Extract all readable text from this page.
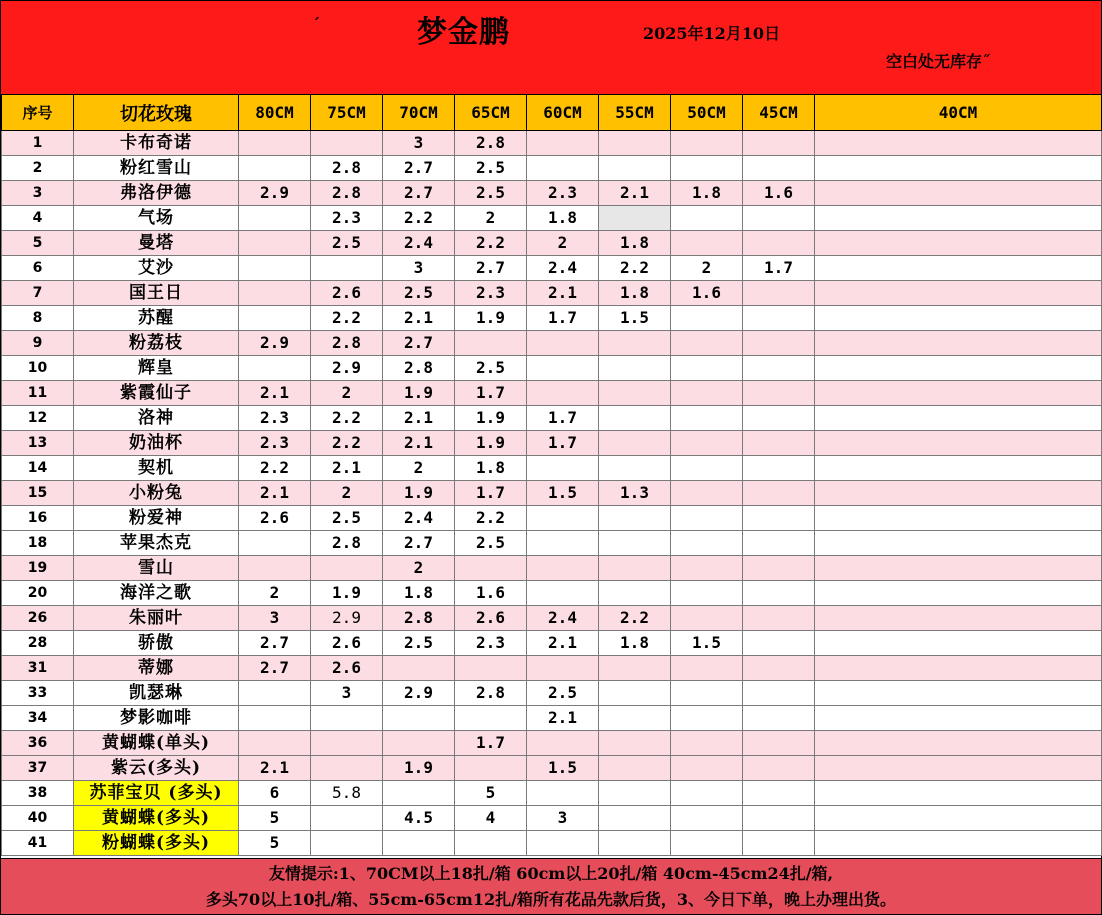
ˊ	梦金鹏	2025年12月10日
空白处无库存˝
序号	切花玫瑰	80CM	75CM	70CM	65CM	60CM	55CM	50CM	45CM	40CM
1	卡布奇诺			3	2.8					
2	粉红雪山		2.8	2.7	2.5					
3	弗洛伊德	2.9	2.8	2.7	2.5	2.3	2.1	1.8	1.6	
4	气场		2.3	2.2	2	1.8				
5	曼塔		2.5	2.4	2.2	2	1.8			
6	艾沙			3	2.7	2.4	2.2	2	1.7	
7	国王日		2.6	2.5	2.3	2.1	1.8	1.6		
8	苏醒		2.2	2.1	1.9	1.7	1.5			
9	粉荔枝	2.9	2.8	2.7						
10	辉皇		2.9	2.8	2.5					
11	紫霞仙子	2.1	2	1.9	1.7					
12	洛神	2.3	2.2	2.1	1.9	1.7				
13	奶油杯	2.3	2.2	2.1	1.9	1.7				
14	契机	2.2	2.1	2	1.8					
15	小粉兔	2.1	2	1.9	1.7	1.5	1.3			
16	粉爱神	2.6	2.5	2.4	2.2					
18	苹果杰克		2.8	2.7	2.5					
19	雪山			2						
20	海洋之歌	2	1.9	1.8	1.6					
26	朱丽叶	3	2.9	2.8	2.6	2.4	2.2			
28	骄傲	2.7	2.6	2.5	2.3	2.1	1.8	1.5		
31	蒂娜	2.7	2.6							
33	凯瑟琳		3	2.9	2.8	2.5				
34	梦影咖啡					2.1				
36	黄蝴蝶(单头)				1.7					
37	紫云(多头)	2.1		1.9		1.5				
38	苏菲宝贝 (多头)	6	5.8		5					
40	黄蝴蝶(多头)	5		4.5	4	3				
41	粉蝴蝶(多头)	5								
友情提示:1、70CM以上18扎/箱 60cm以上20扎/箱 40cm-45cm24扎/箱,
多头70以上10扎/箱、55cm-65cm12扎/箱所有花品先款后货，3、今日下单，晚上办理出货。
